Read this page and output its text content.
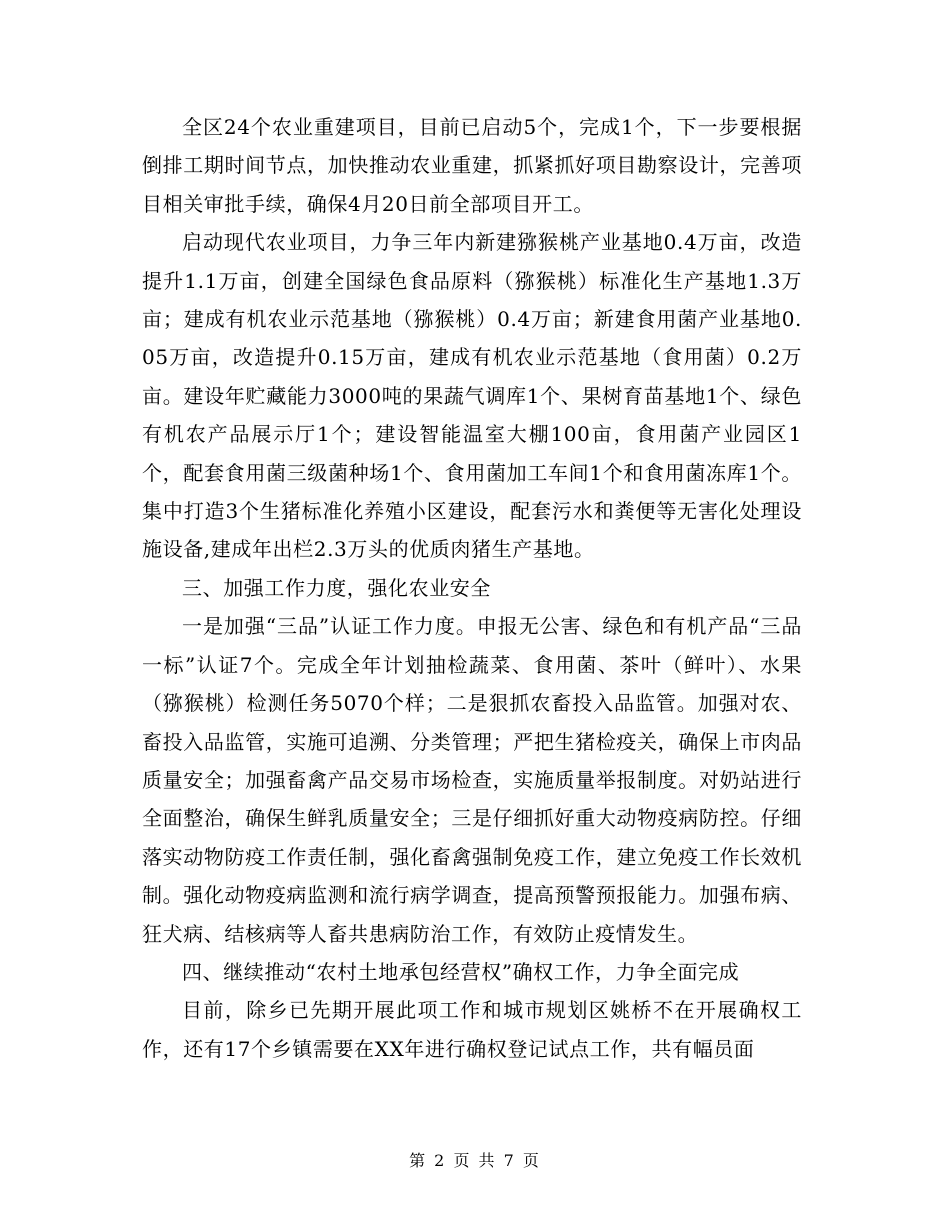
全区24个农业重建项目，目前已启动5个，完成1个，下一步要根据倒排工期时间节点，加快推动农业重建，抓紧抓好项目勘察设计，完善项目相关审批手续，确保4月20日前全部项目开工。

启动现代农业项目，力争三年内新建猕猴桃产业基地0.4万亩，改造提升1.1万亩，创建全国绿色食品原料（猕猴桃）标准化生产基地1.3万亩；建成有机农业示范基地（猕猴桃）0.4万亩；新建食用菌产业基地0.05万亩，改造提升0.15万亩，建成有机农业示范基地（食用菌）0.2万亩。建设年贮藏能力3000吨的果蔬气调库1个、果树育苗基地1个、绿色有机农产品展示厅1个；建设智能温室大棚100亩，食用菌产业园区1个，配套食用菌三级菌种场1个、食用菌加工车间1个和食用菌冻库1个。集中打造3个生猪标准化养殖小区建设，配套污水和粪便等无害化处理设施设备,建成年出栏2.3万头的优质肉猪生产基地。

三、加强工作力度，强化农业安全

一是加强“三品”认证工作力度。申报无公害、绿色和有机产品“三品一标”认证7个。完成全年计划抽检蔬菜、食用菌、茶叶（鲜叶）、水果（猕猴桃）检测任务5070个样；二是狠抓农畜投入品监管。加强对农、畜投入品监管，实施可追溯、分类管理；严把生猪检疫关，确保上市肉品质量安全；加强畜禽产品交易市场检查，实施质量举报制度。对奶站进行全面整治，确保生鲜乳质量安全；三是仔细抓好重大动物疫病防控。仔细落实动物防疫工作责任制，强化畜禽强制免疫工作，建立免疫工作长效机制。强化动物疫病监测和流行病学调查，提高预警预报能力。加强布病、狂犬病、结核病等人畜共患病防治工作，有效防止疫情发生。

四、继续推动“农村土地承包经营权”确权工作，力争全面完成

目前，除乡已先期开展此项工作和城市规划区姚桥不在开展确权工作，还有17个乡镇需要在XX年进行确权登记试点工作，共有幅员面

第 2 页 共 7 页
